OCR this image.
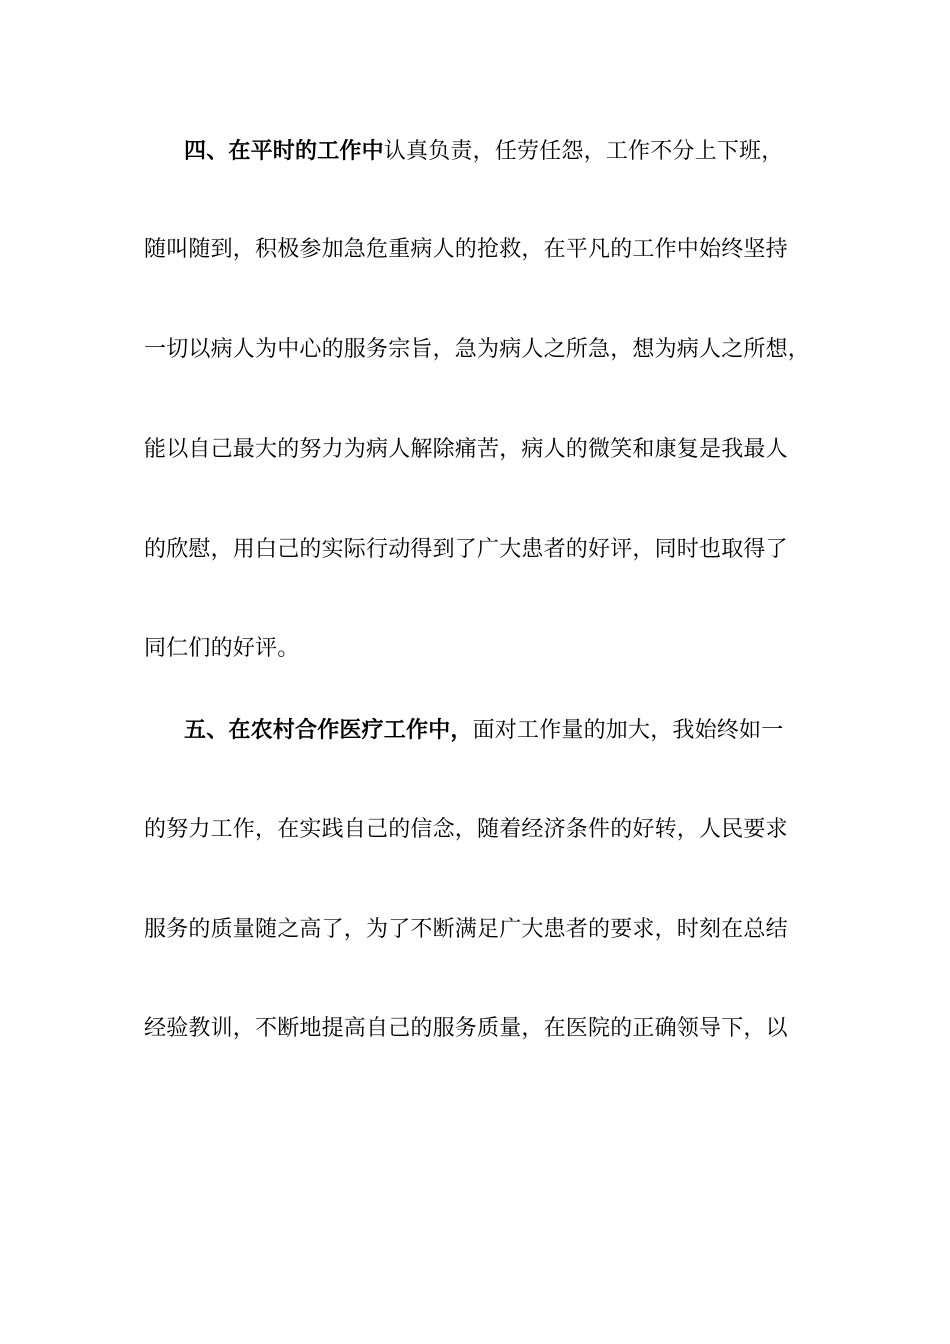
四、在平时的工作中认真负责，任劳任怨，工作不分上下班，
随叫随到，积极参加急危重病人的抢救，在平凡的工作中始终坚持
一切以病人为中心的服务宗旨，急为病人之所急，想为病人之所想，
能以自己最大的努力为病人解除痛苦，病人的微笑和康复是我最人
的欣慰，用白己的实际行动得到了广大患者的好评，同时也取得了
同仁们的好评。
五、在农村合作医疗工作中，面对工作量的加大，我始终如一
的努力工作，在实践自己的信念，随着经济条件的好转，人民要求
服务的质量随之高了，为了不断满足广大患者的要求，时刻在总结
经验教训，不断地提高自己的服务质量，在医院的正确领导下，以
